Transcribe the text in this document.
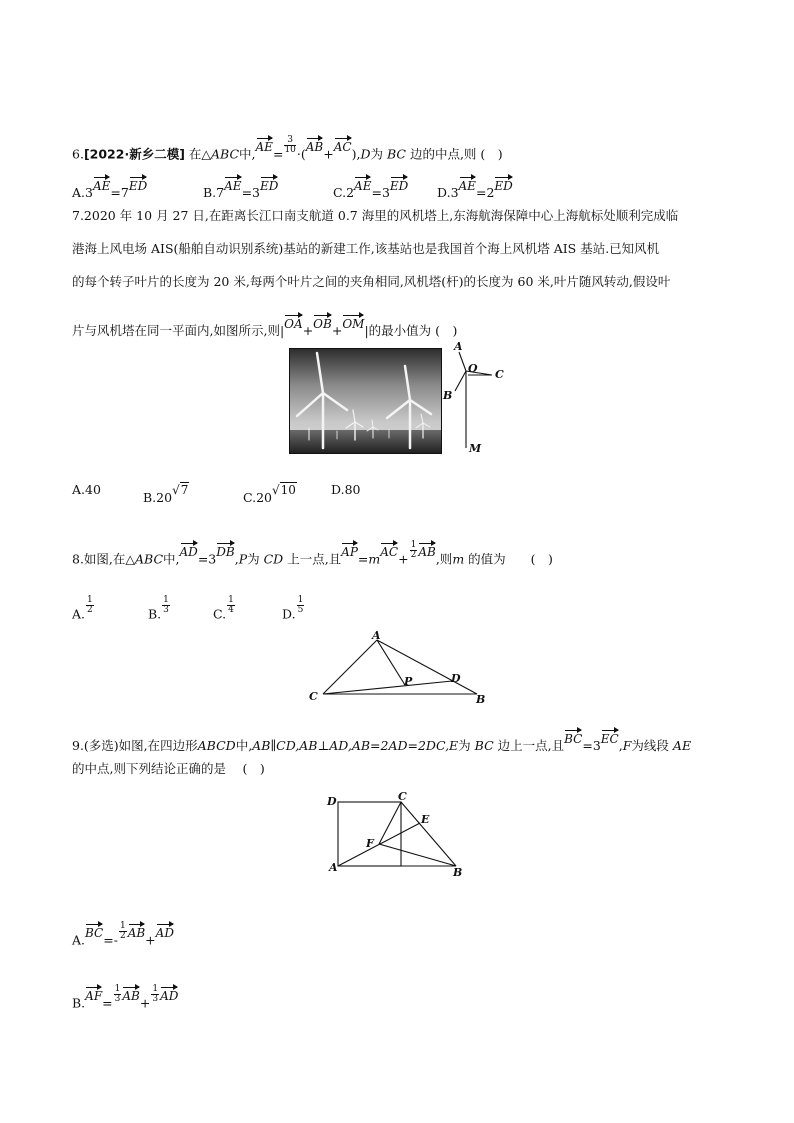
6.[2022·新乡二模] 在△ABC中$,AE= \frac{3}{10} \cdot(AB+AC),D$为 BC 边的中点,则 (　)
A.3AE=7ED	B.7AE=3ED	C.2AE=3ED D.3AE=2ED
7.2020 年 10 月 27 日,在距离长江口南支航道 0.7 海里的风机塔上,东海航海保障中心上海航标处顺利完成临
港海上风电场 AIS(船舶自动识别系统)基站的新建工作,该基站也是我国首个海上风机塔 AIS 基站.已知风机
的每个转子叶片的长度为 20 米,每两个叶片之间的夹角相同,风机塔(杆)的长度为 60 米,叶片随风转动,假设叶
片与风机塔在同一平面内,如图所示,则|OA+OB+OM|的最小值为 (　)
A
O C
B
M
A.40
B.20√7	C.20√10	D.80
8.如图,在△ABC中,AD=3DB,P为 CD 上一点,且$AP=mAC+ \frac{1}{2}$ AB,则m 的值为　　(　)
A. $\frac{1}{2}$	B. $\frac{1}{3}$	C. $\frac{1}{4}$	D. $\frac{1}{5}$
A
C
P	D
B
9.(多选)如图,在四边形ABCD中,AB∥CD,AB⊥AD,AB=2AD=2DC,E为 BC 边上一点,且BC=3EC,F为线段 AE
的中点,则下列结论正确的是　 (　)
D	C
E
F
A	B
$A.BC=- \frac{1}{2} AB+AD$
$B.AF= \frac{1}{3} AB+ \frac{1}{3}$ AD
